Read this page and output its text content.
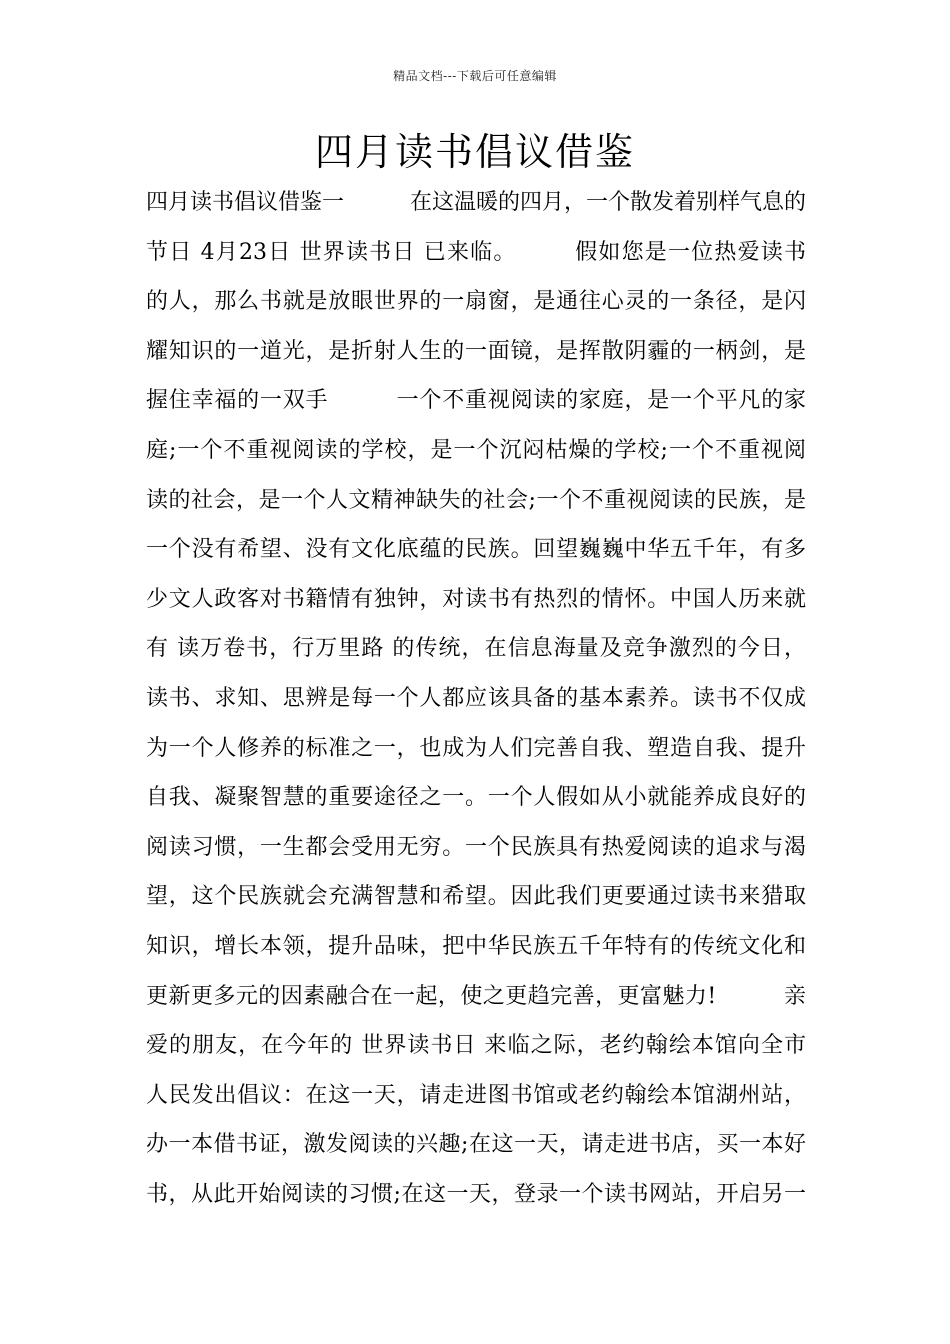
精品文档---下载后可任意编辑
四月读书倡议借鉴
四月读书倡议借鉴一　　　在这温暖的四月，一个散发着别样气息的
节日 4月23日 世界读书日 已来临。　　　假如您是一位热爱读书
的人，那么书就是放眼世界的一扇窗，是通往心灵的一条径，是闪
耀知识的一道光，是折射人生的一面镜，是挥散阴霾的一柄剑，是
握住幸福的一双手　　　一个不重视阅读的家庭，是一个平凡的家
庭;一个不重视阅读的学校，是一个沉闷枯燥的学校;一个不重视阅
读的社会，是一个人文精神缺失的社会;一个不重视阅读的民族，是
一个没有希望、没有文化底蕴的民族。回望巍巍中华五千年，有多
少文人政客对书籍情有独钟，对读书有热烈的情怀。中国人历来就
有 读万卷书，行万里路 的传统，在信息海量及竞争激烈的今日，
读书、求知、思辨是每一个人都应该具备的基本素养。读书不仅成
为一个人修养的标准之一，也成为人们完善自我、塑造自我、提升
自我、凝聚智慧的重要途径之一。一个人假如从小就能养成良好的
阅读习惯，一生都会受用无穷。一个民族具有热爱阅读的追求与渴
望，这个民族就会充满智慧和希望。因此我们更要通过读书来猎取
知识，增长本领，提升品味，把中华民族五千年特有的传统文化和
更新更多元的因素融合在一起，使之更趋完善，更富魅力!　　　亲
爱的朋友，在今年的 世界读书日 来临之际，老约翰绘本馆向全市
人民发出倡议：在这一天，请走进图书馆或老约翰绘本馆湖州站，
办一本借书证，激发阅读的兴趣;在这一天，请走进书店，买一本好
书，从此开始阅读的习惯;在这一天，登录一个读书网站，开启另一
